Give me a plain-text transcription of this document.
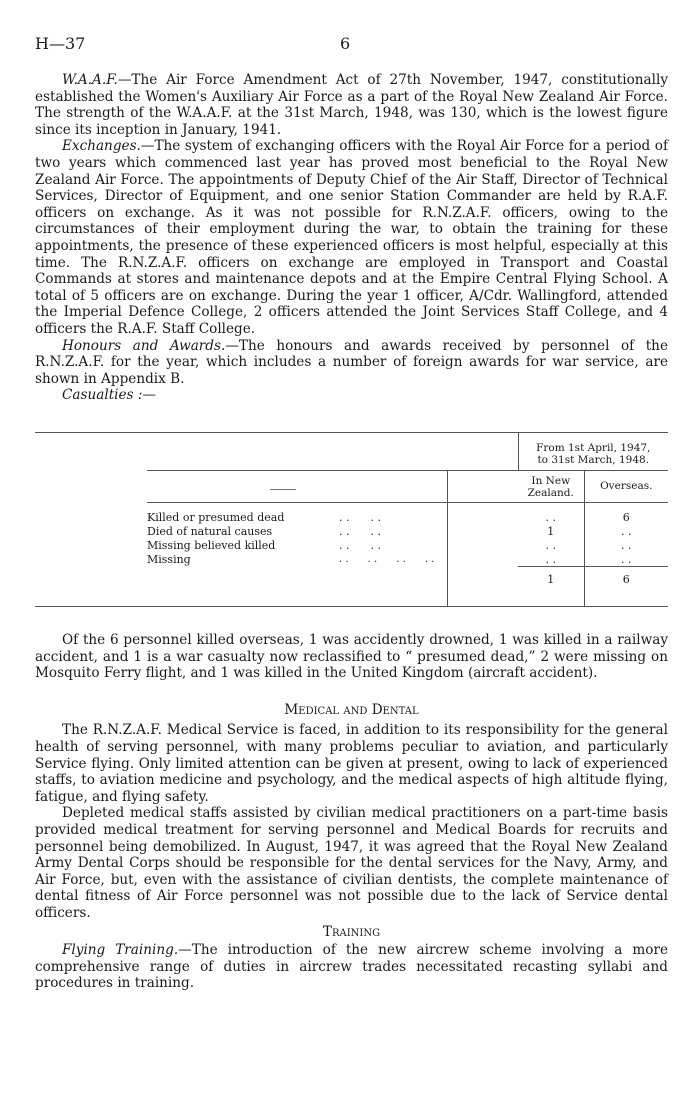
H—37	6

W.A.A.F.—The Air Force Amendment Act of 27th November, 1947, constitutionally established the Women's Auxiliary Air Force as a part of the Royal New Zealand Air Force. The strength of the W.A.A.F. at the 31st March, 1948, was 130, which is the lowest figure since its inception in January, 1941.

Exchanges.—The system of exchanging officers with the Royal Air Force for a period of two years which commenced last year has proved most beneficial to the Royal New Zealand Air Force. The appointments of Deputy Chief of the Air Staff, Director of Technical Services, Director of Equipment, and one senior Station Commander are held by R.A.F. officers on exchange. As it was not possible for R.N.Z.A.F. officers, owing to the circumstances of their employment during the war, to obtain the training for these appointments, the presence of these experienced officers is most helpful, especially at this time. The R.N.Z.A.F. officers on exchange are employed in Transport and Coastal Commands at stores and maintenance depots and at the Empire Central Flying School. A total of 5 officers are on exchange. During the year 1 officer, A/Cdr. Wallingford, attended the Imperial Defence College, 2 officers attended the Joint Services Staff College, and 4 officers the R.A.F. Staff College.

Honours and Awards.—The honours and awards received by personnel of the R.N.Z.A.F. for the year, which includes a number of foreign awards for war service, are shown in Appendix B.

Casualties :—

				From 1st April, 1947,
to 31st March, 1948.	

				In New
Zealand.	Overseas.

	Killed or presumed dead	. .      . .		. .	6
	Died of natural causes	. .      . .		1	. .
	Missing believed killed	. .      . .		. .	. .
	Missing	. .      . .      . .      . .		. .	. .
				1	6

Of the 6 personnel killed overseas, 1 was accidently drowned, 1 was killed in a railway accident, and 1 is a war casualty now reclassified to “ presumed dead,” 2 were missing on Mosquito Ferry flight, and 1 was killed in the United Kingdom (aircraft accident).

Medical and Dental

The R.N.Z.A.F. Medical Service is faced, in addition to its responsibility for the general health of serving personnel, with many problems peculiar to aviation, and particularly Service flying. Only limited attention can be given at present, owing to lack of experienced staffs, to aviation medicine and psychology, and the medical aspects of high altitude flying, fatigue, and flying safety.

Depleted medical staffs assisted by civilian medical practitioners on a part-time basis provided medical treatment for serving personnel and Medical Boards for recruits and personnel being demobilized. In August, 1947, it was agreed that the Royal New Zealand Army Dental Corps should be responsible for the dental services for the Navy, Army, and Air Force, but, even with the assistance of civilian dentists, the complete maintenance of dental fitness of Air Force personnel was not possible due to the lack of Service dental officers.

Training

Flying Training.—The introduction of the new aircrew scheme involving a more comprehensive range of duties in aircrew trades necessitated recasting syllabi and procedures in training.
